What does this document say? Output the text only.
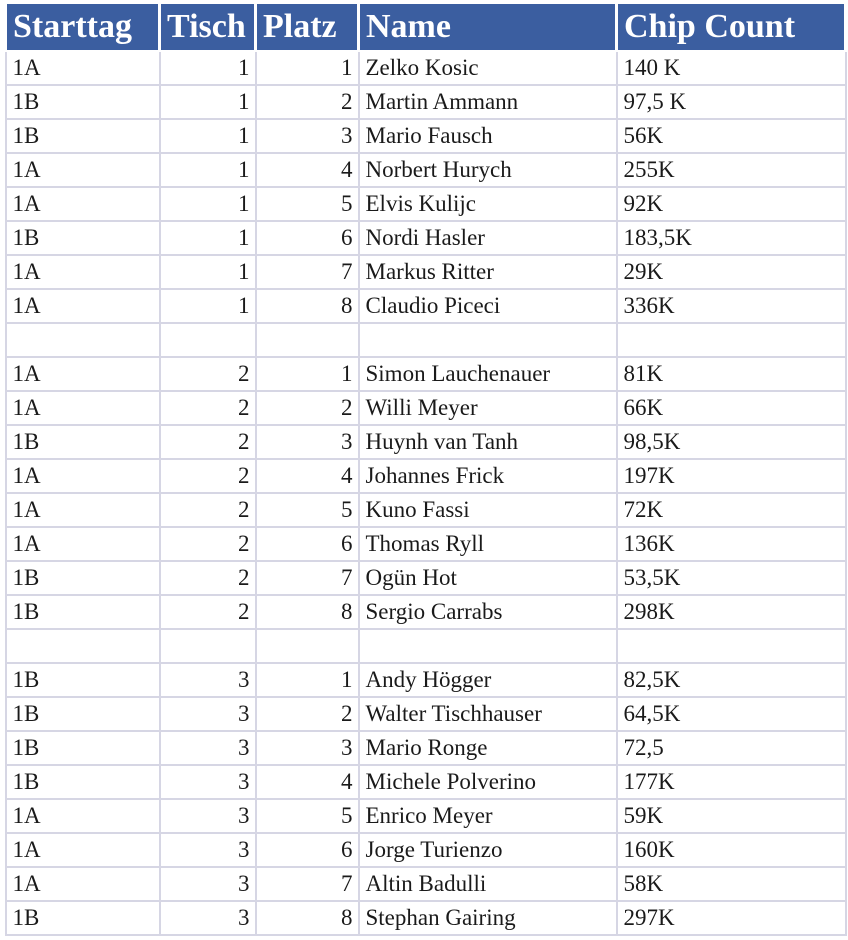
Starttag	Tisch	Platz	Name	Chip Count
1A	1	1	Zelko Kosic	140 K
1B	1	2	Martin Ammann	97,5 K
1B	1	3	Mario Fausch	56K
1A	1	4	Norbert Hurych	255K
1A	1	5	Elvis Kulijc	92K
1B	1	6	Nordi Hasler	183,5K
1A	1	7	Markus Ritter	29K
1A	1	8	Claudio Piceci	336K

1A	2	1	Simon Lauchenauer	81K
1A	2	2	Willi Meyer	66K
1B	2	3	Huynh van Tanh	98,5K
1A	2	4	Johannes Frick	197K
1A	2	5	Kuno Fassi	72K
1A	2	6	Thomas Ryll	136K
1B	2	7	Ogün Hot	53,5K
1B	2	8	Sergio Carrabs	298K

1B	3	1	Andy Högger	82,5K
1B	3	2	Walter Tischhauser	64,5K
1B	3	3	Mario Ronge	72,5
1B	3	4	Michele Polverino	177K
1A	3	5	Enrico Meyer	59K
1A	3	6	Jorge Turienzo	160K
1A	3	7	Altin Badulli	58K
1B	3	8	Stephan Gairing	297K
